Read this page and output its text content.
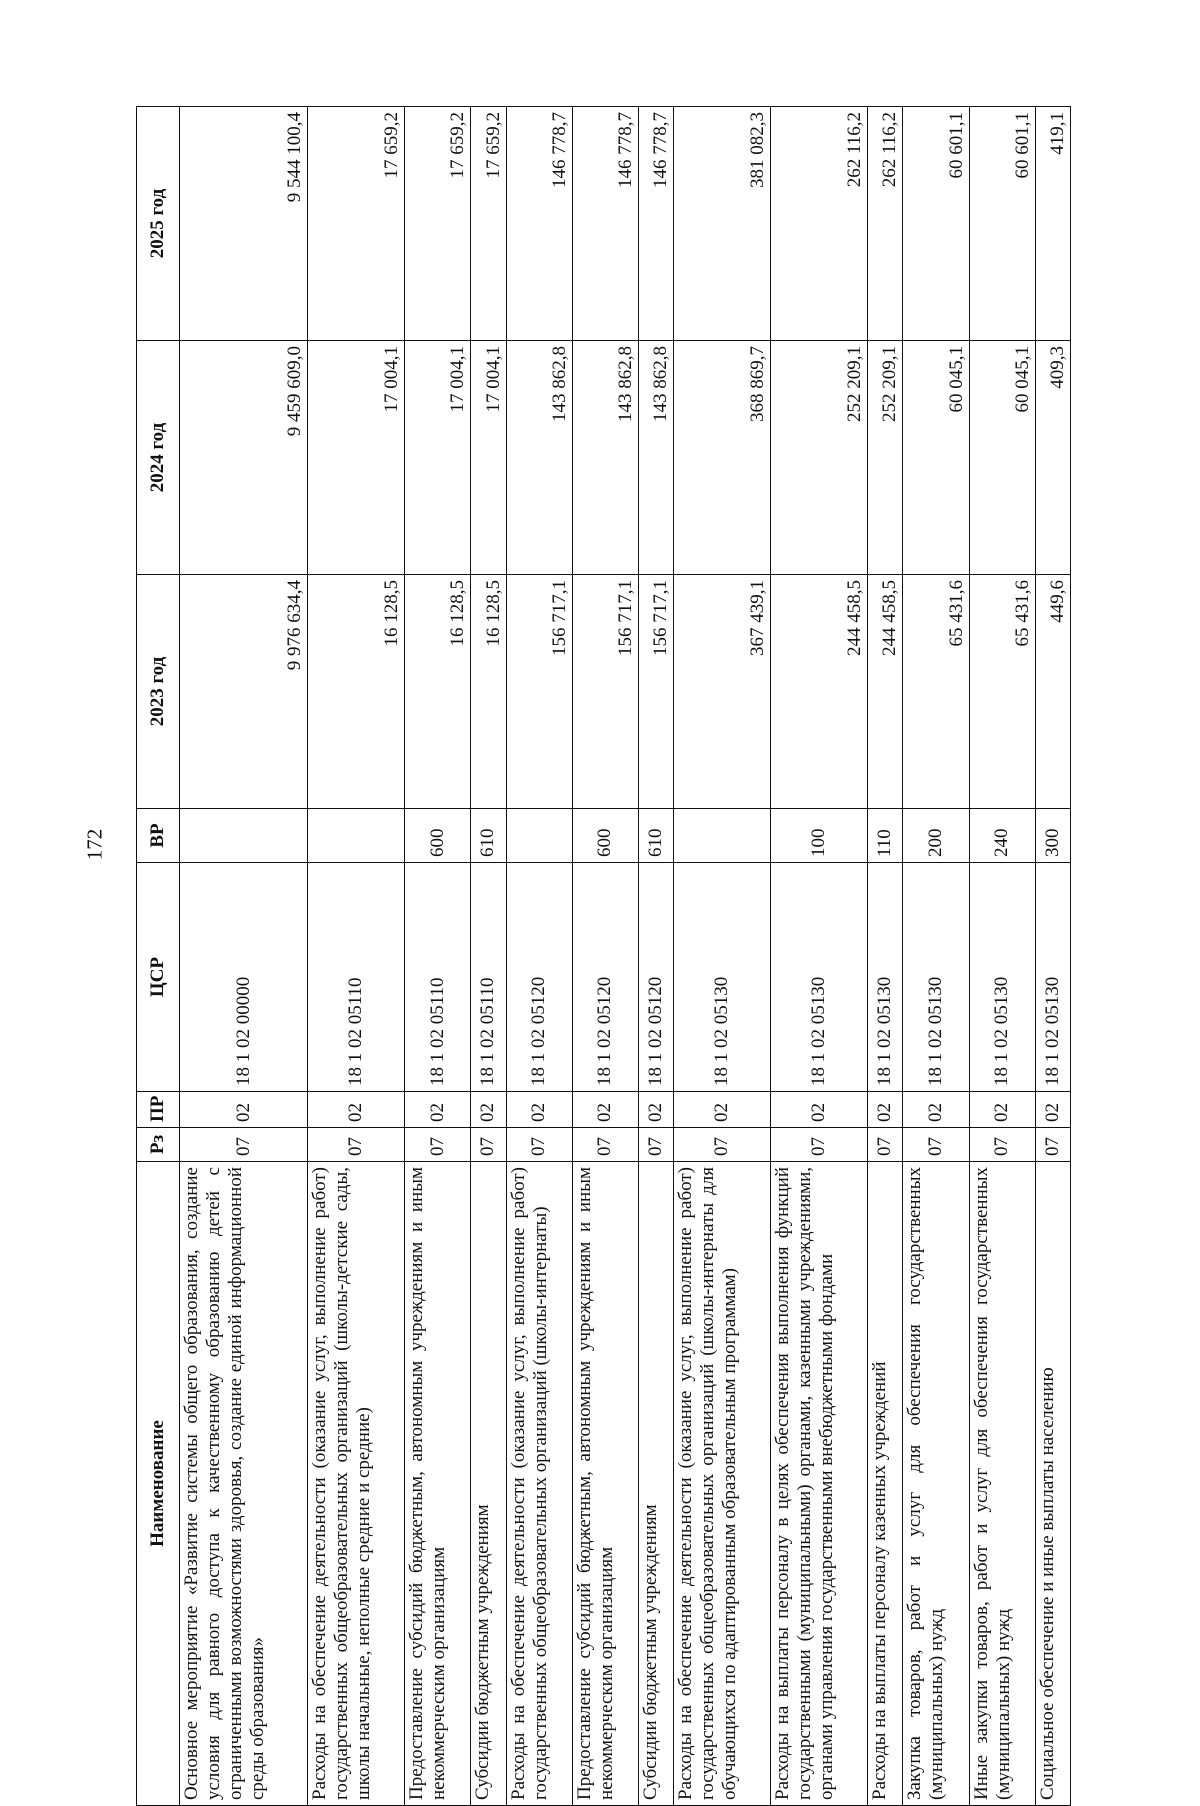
172
Наименование	Рз	ПР	ЦСР	ВР	2023 год	2024 год	2025 год
Основное мероприятие «Развитие системы общего образования, создание условия для равного доступа к качественному образованию детей с ограниченными возможностями здоровья, создание единой информационной среды образования»	07	02	18 1 02 00000		9 976 634,4	9 459 609,0	9 544 100,4
Расходы на обеспечение деятельности (оказание услуг, выполнение работ) государственных общеобразовательных организаций (школы-детские сады, школы начальные, неполные средние и средние)	07	02	18 1 02 05110		16 128,5	17 004,1	17 659,2
Предоставление субсидий бюджетным, автономным учреждениям и иным некоммерческим организациям	07	02	18 1 02 05110	600	16 128,5	17 004,1	17 659,2
Субсидии бюджетным учреждениям	07	02	18 1 02 05110	610	16 128,5	17 004,1	17 659,2
Расходы на обеспечение деятельности (оказание услуг, выполнение работ) государственных общеобразовательных организаций (школы-интернаты)	07	02	18 1 02 05120		156 717,1	143 862,8	146 778,7
Предоставление субсидий бюджетным, автономным учреждениям и иным некоммерческим организациям	07	02	18 1 02 05120	600	156 717,1	143 862,8	146 778,7
Субсидии бюджетным учреждениям	07	02	18 1 02 05120	610	156 717,1	143 862,8	146 778,7
Расходы на обеспечение деятельности (оказание услуг, выполнение работ) государственных общеобразовательных организаций (школы-интернаты для обучающихся по адаптированным образовательным программам)	07	02	18 1 02 05130		367 439,1	368 869,7	381 082,3
Расходы на выплаты персоналу в целях обеспечения выполнения функций государственными (муниципальными) органами, казенными учреждениями, органами управления государственными внебюджетными фондами	07	02	18 1 02 05130	100	244 458,5	252 209,1	262 116,2
Расходы на выплаты персоналу казенных учреждений	07	02	18 1 02 05130	110	244 458,5	252 209,1	262 116,2
Закупка товаров, работ и услуг для обеспечения государственных (муниципальных) нужд	07	02	18 1 02 05130	200	65 431,6	60 045,1	60 601,1
Иные закупки товаров, работ и услуг для обеспечения государственных (муниципальных) нужд	07	02	18 1 02 05130	240	65 431,6	60 045,1	60 601,1
Социальное обеспечение и иные выплаты населению	07	02	18 1 02 05130	300	449,6	409,3	419,1
